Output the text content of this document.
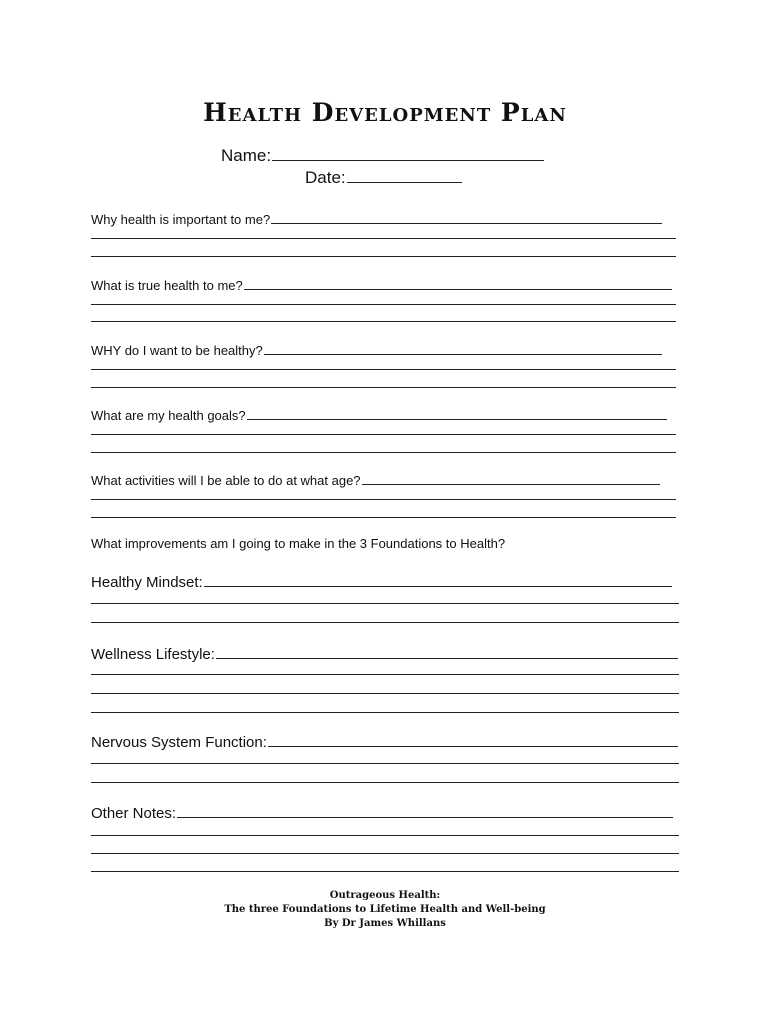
Health Development Plan
Name:
Date:
Why health is important to me?
What is true health to me?
WHY do I want to be healthy?
What are my health goals?
What activities will I be able to do at what age?
What improvements am I going to make in the 3 Foundations to Health?
Healthy Mindset:
Wellness Lifestyle:
Nervous System Function:
Other Notes:
Outrageous Health:
The three Foundations to Lifetime Health and Well-being
By Dr James Whillans
